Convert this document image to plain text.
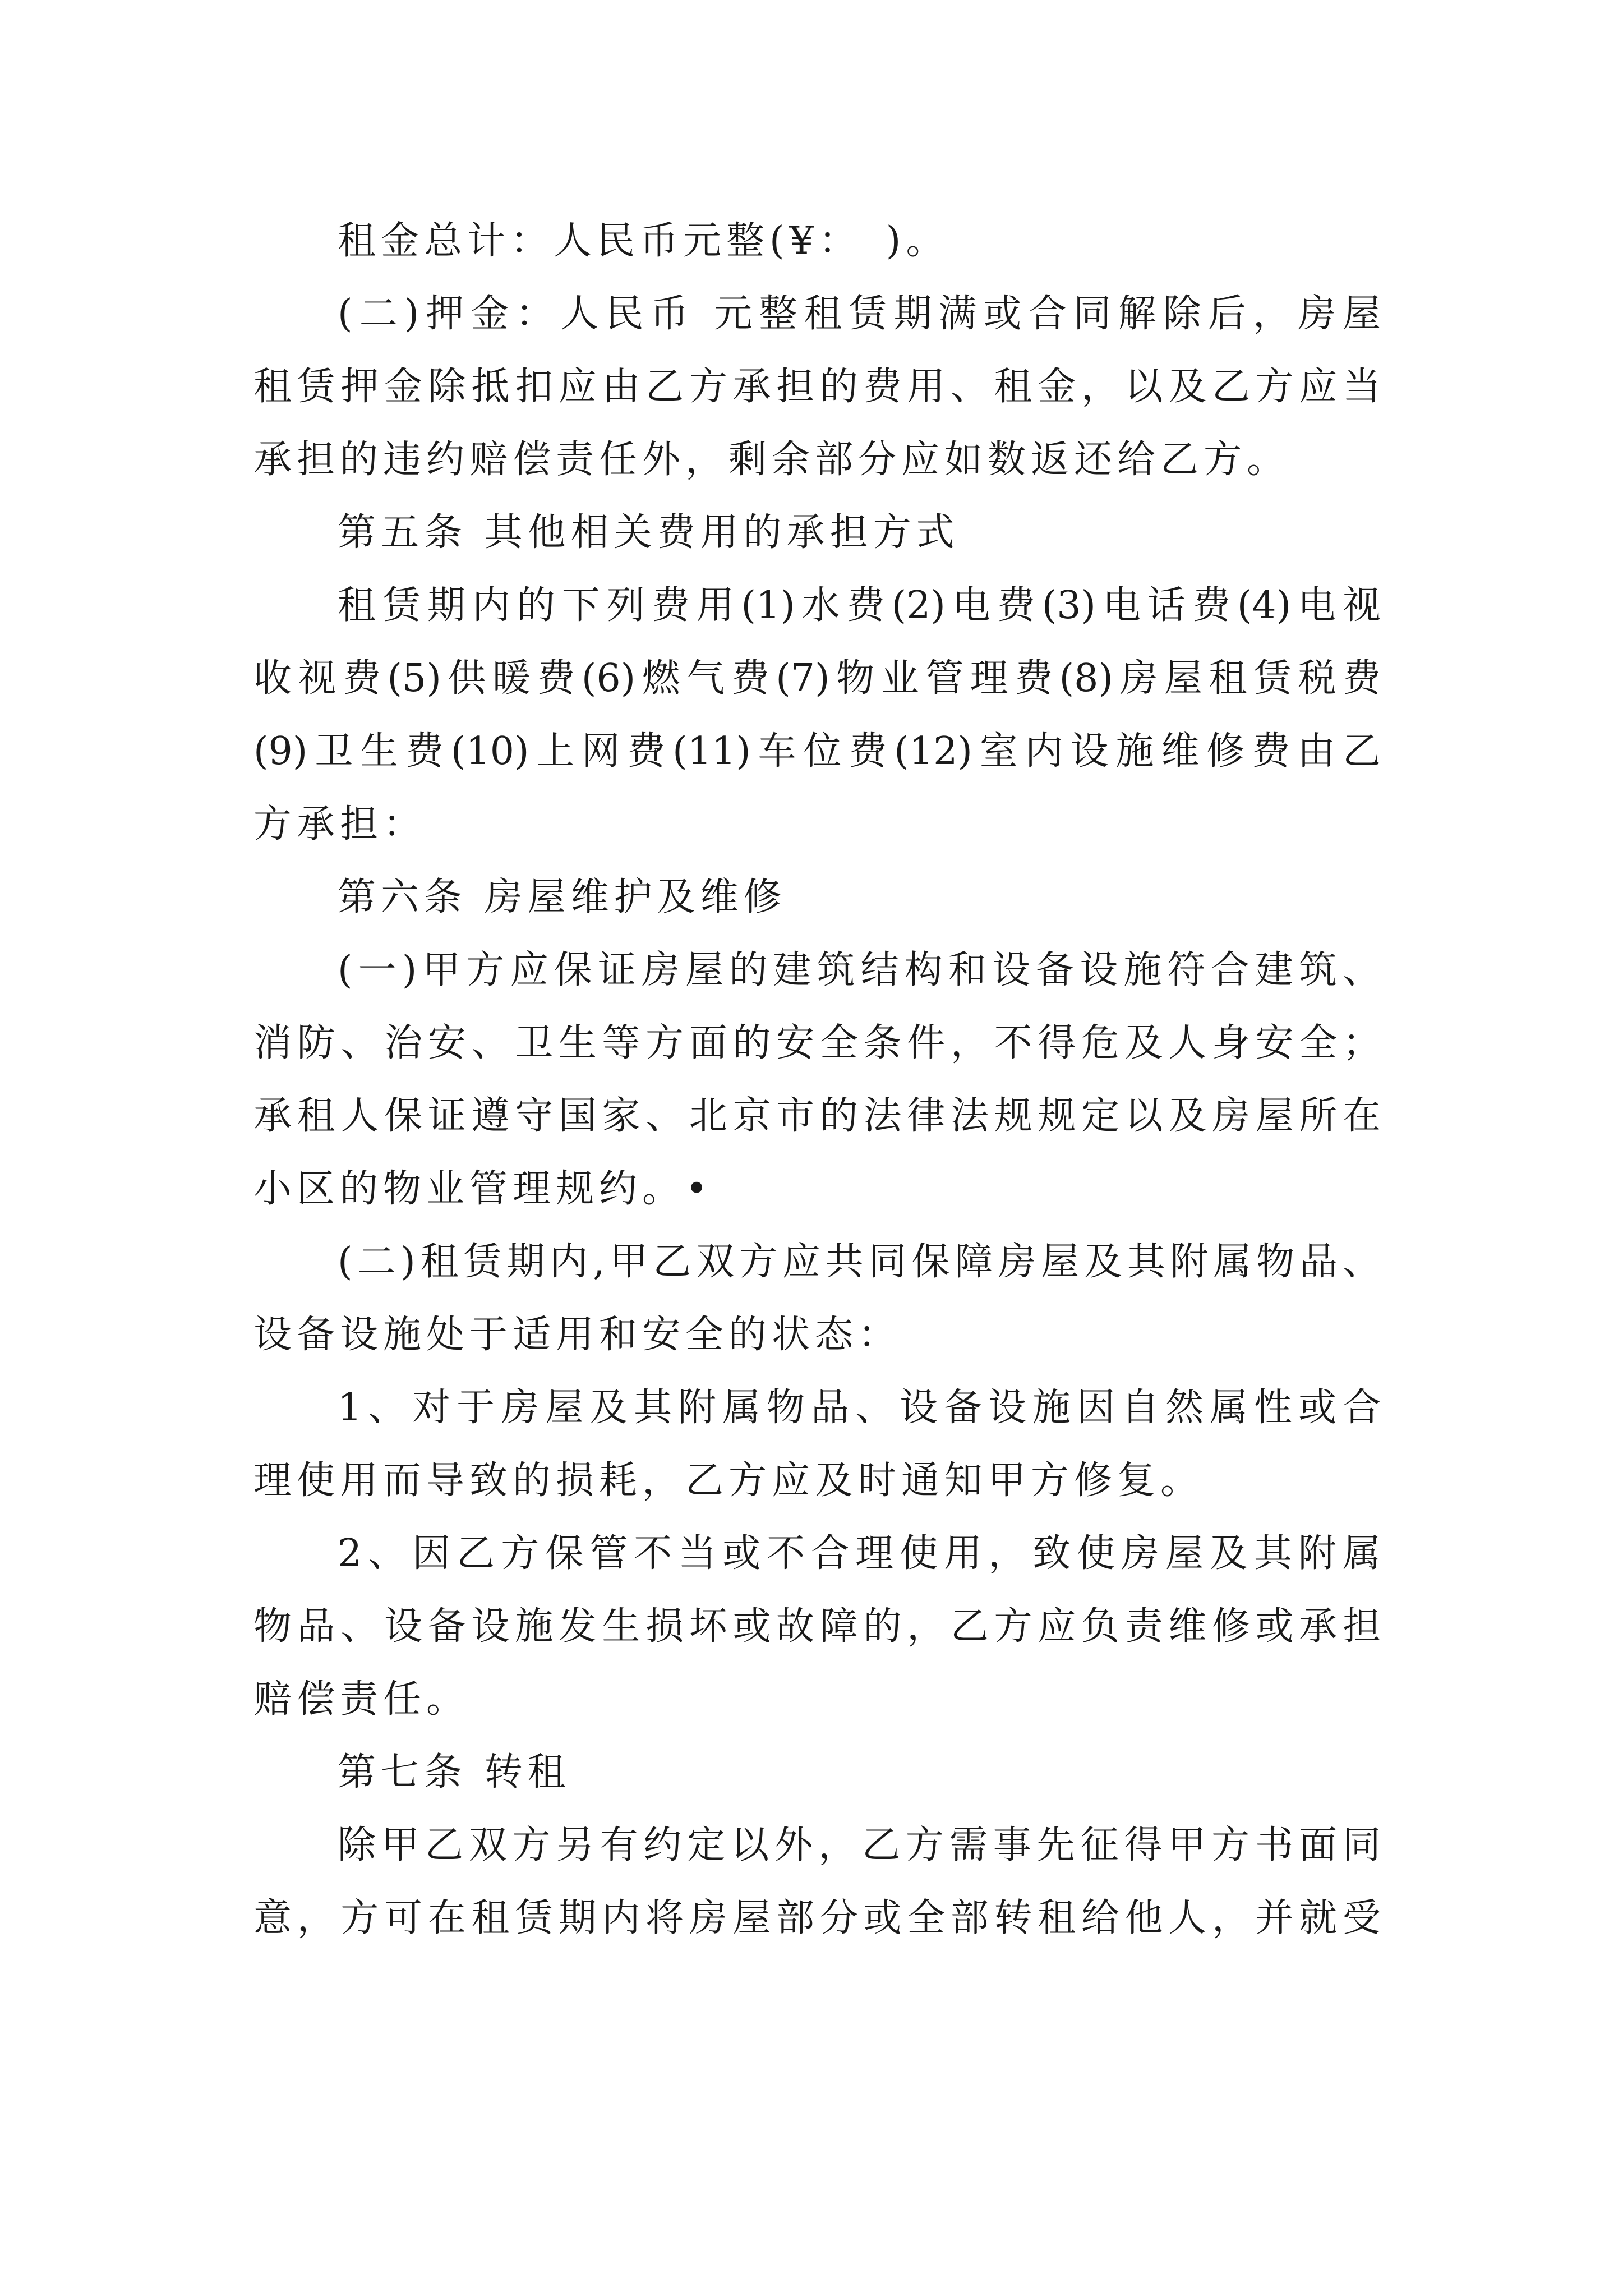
租金总计：人民币元整(¥：　)。
(二)押金：人民币 元整租赁期满或合同解除后，房屋
租赁押金除抵扣应由乙方承担的费用、租金，以及乙方应当
承担的违约赔偿责任外，剩余部分应如数返还给乙方。
第五条 其他相关费用的承担方式
租赁期内的下列费用(1)水费(2)电费(3)电话费(4)电视
收视费(5)供暖费(6)燃气费(7)物业管理费(8)房屋租赁税费
(9)卫生费(10)上网费(11)车位费(12)室内设施维修费由乙
方承担：
第六条 房屋维护及维修
(一)甲方应保证房屋的建筑结构和设备设施符合建筑、
消防、治安、卫生等方面的安全条件，不得危及人身安全；
承租人保证遵守国家、北京市的法律法规规定以及房屋所在
小区的物业管理规约。•
(二)租赁期内,甲乙双方应共同保障房屋及其附属物品、
设备设施处于适用和安全的状态：
1、对于房屋及其附属物品、设备设施因自然属性或合
理使用而导致的损耗，乙方应及时通知甲方修复。
2、因乙方保管不当或不合理使用，致使房屋及其附属
物品、设备设施发生损坏或故障的，乙方应负责维修或承担
赔偿责任。
第七条 转租
除甲乙双方另有约定以外，乙方需事先征得甲方书面同
意，方可在租赁期内将房屋部分或全部转租给他人，并就受
